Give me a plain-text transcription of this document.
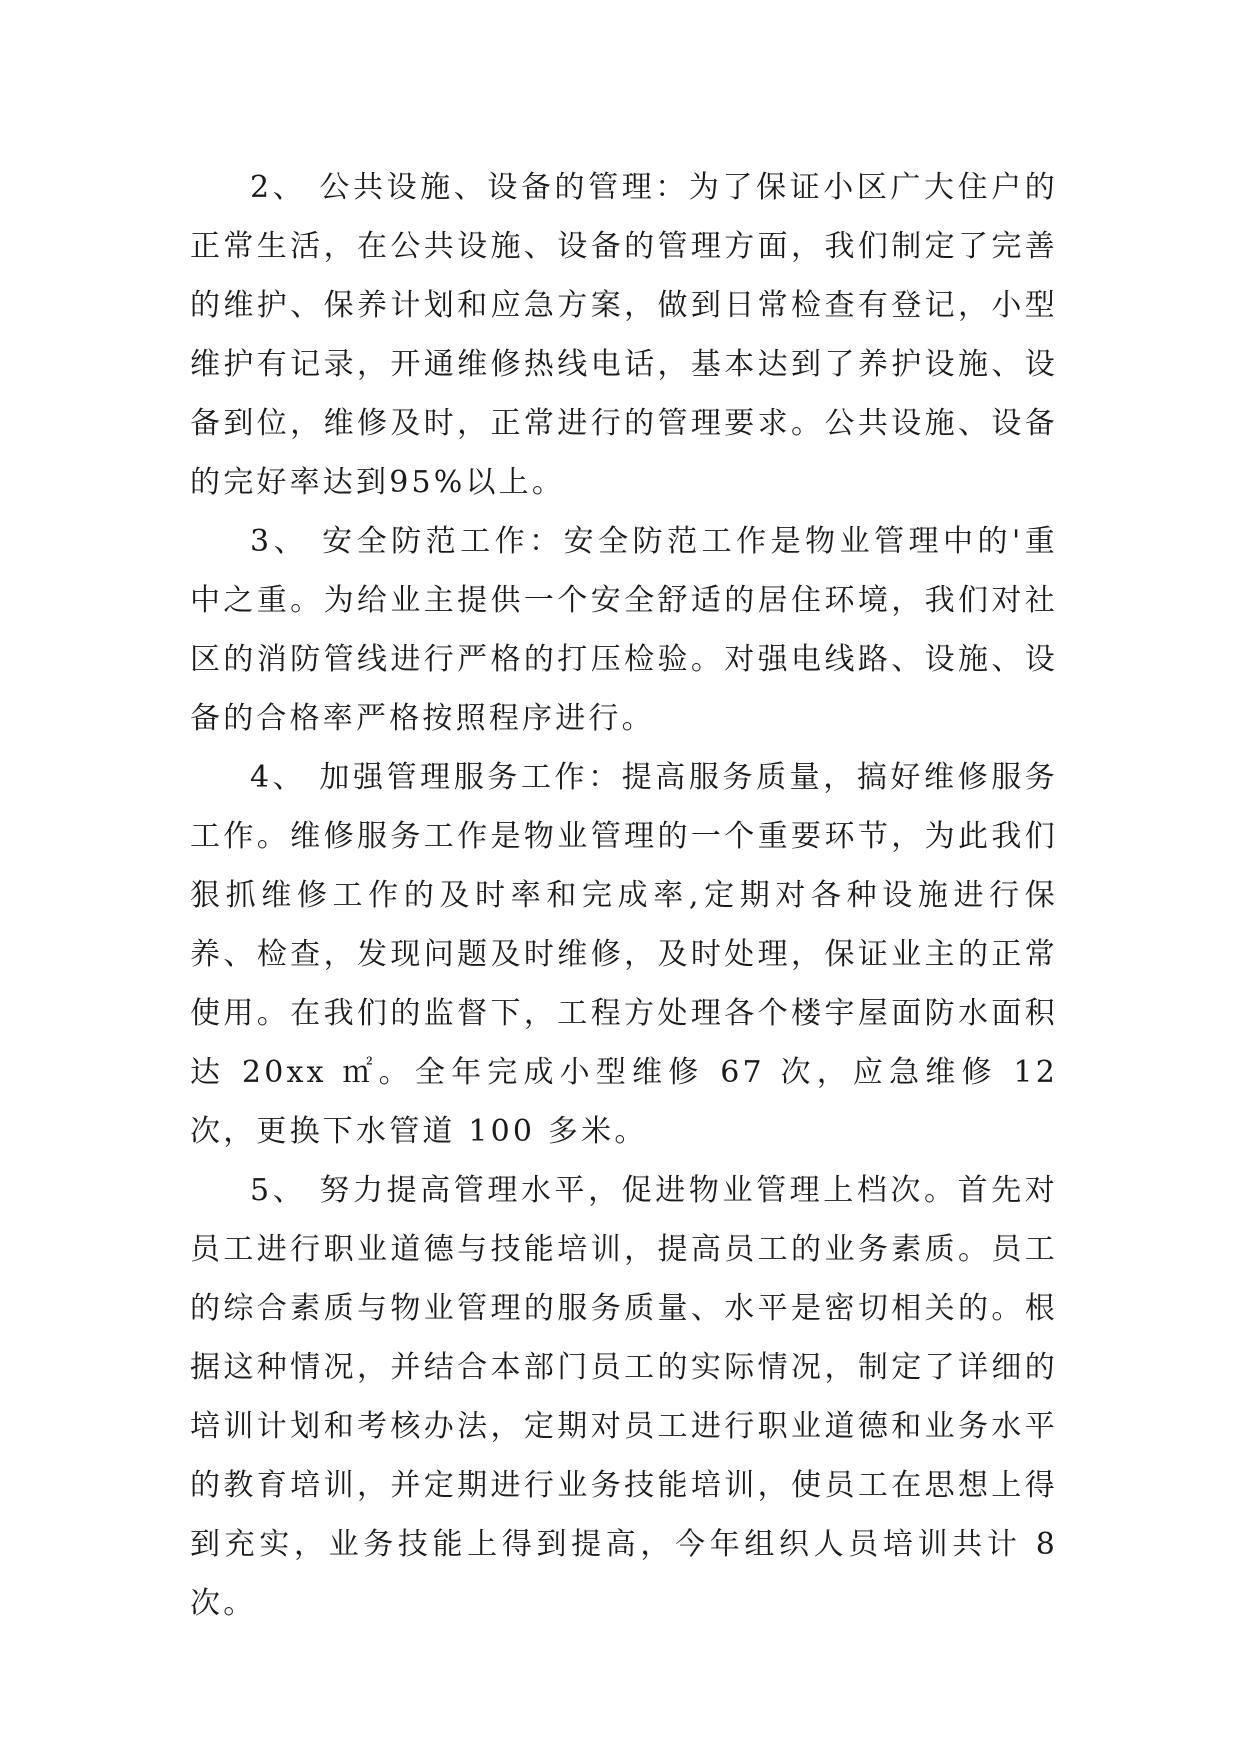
2、 公共设施、设备的管理：为了保证小区广大住户的正常生活，在公共设施、设备的管理方面，我们制定了完善的维护、保养计划和应急方案，做到日常检查有登记，小型维护有记录，开通维修热线电话，基本达到了养护设施、设备到位，维修及时，正常进行的管理要求。公共设施、设备的完好率达到95%以上。

3、 安全防范工作：安全防范工作是物业管理中的'重中之重。为给业主提供一个安全舒适的居住环境，我们对社区的消防管线进行严格的打压检验。对强电线路、设施、设备的合格率严格按照程序进行。

4、 加强管理服务工作：提高服务质量，搞好维修服务工作。维修服务工作是物业管理的一个重要环节，为此我们狠抓维修工作的及时率和完成率,定期对各种设施进行保养、检查，发现问题及时维修，及时处理，保证业主的正常使用。在我们的监督下，工程方处理各个楼宇屋面防水面积达 20xx ㎡。全年完成小型维修 67 次，应急维修 12 次，更换下水管道 100 多米。

5、 努力提高管理水平，促进物业管理上档次。首先对员工进行职业道德与技能培训，提高员工的业务素质。员工的综合素质与物业管理的服务质量、水平是密切相关的。根据这种情况，并结合本部门员工的实际情况，制定了详细的培训计划和考核办法，定期对员工进行职业道德和业务水平的教育培训，并定期进行业务技能培训，使员工在思想上得到充实，业务技能上得到提高，今年组织人员培训共计 8 次。
